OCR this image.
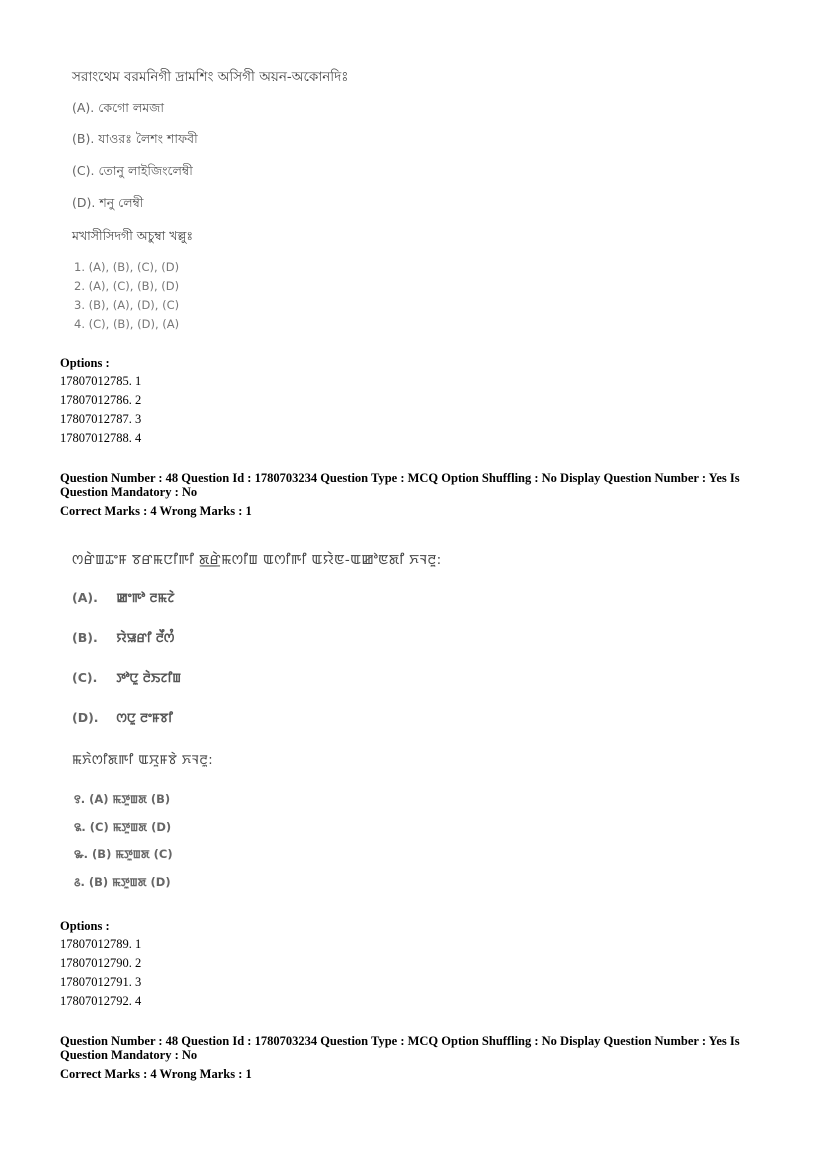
সরাংথেম বরমনিগী দ্রামশিং অসিগী অয়ন-অকোনদিঃ
(A). কেগো লমজা
(B). যাওরঃ লৈশং শাফবী
(C). তোনু লাইজিংলেম্বী
(D). শনু লেম্বী
মখাসীসিদগী অচুম্বা খল্লুঃ
1. (A), (B), (C), (D)
2. (A), (C), (B), (D)
3. (B), (A), (D), (C)
4. (C), (B), (D), (A)
Options :
17807012785. 1
17807012786. 2
17807012787. 3
17807012788. 4
Question Number : 48 Question Id : 1780703234 Question Type : MCQ Option Shuffling : No Display Question Number : Yes Is
Question Mandatory : No
Correct Marks : 4 Wrong Marks : 1
ꯁꯔꯥꯡꯊꯦꯝ ꯕꯔꯃꯅꯤꯒꯤ ꯗ꯭ꯔꯥꯃꯁꯤꯡ ꯑꯁꯤꯒꯤ ꯑꯌꯥꯟ-ꯑꯀꯣꯟꯗꯤ ꯈꯜꯂꯨ:
(A). ꯀꯦꯒꯣ ꯂꯃꯖꯥ
(B). ꯌꯥꯎꯔꯤ ꯂꯩꯁꯪ
(C). ꯇꯣꯅꯨ ꯂꯥꯏꯖꯤꯡ
(D). ꯁꯅꯨ ꯂꯦꯝꯕꯤ
ꯃꯈꯥꯁꯤꯗꯒꯤ ꯑꯆꯨꯝꯕꯥ ꯈꯜꯂꯨ:
꯱. (A) ꯃꯇꯨꯡꯗ (B)
꯲. (C) ꯃꯇꯨꯡꯗ (D)
꯳. (B) ꯃꯇꯨꯡꯗ (C)
꯴. (B) ꯃꯇꯨꯡꯗ (D)
Options :
17807012789. 1
17807012790. 2
17807012791. 3
17807012792. 4
Question Number : 48 Question Id : 1780703234 Question Type : MCQ Option Shuffling : No Display Question Number : Yes Is
Question Mandatory : No
Correct Marks : 4 Wrong Marks : 1
